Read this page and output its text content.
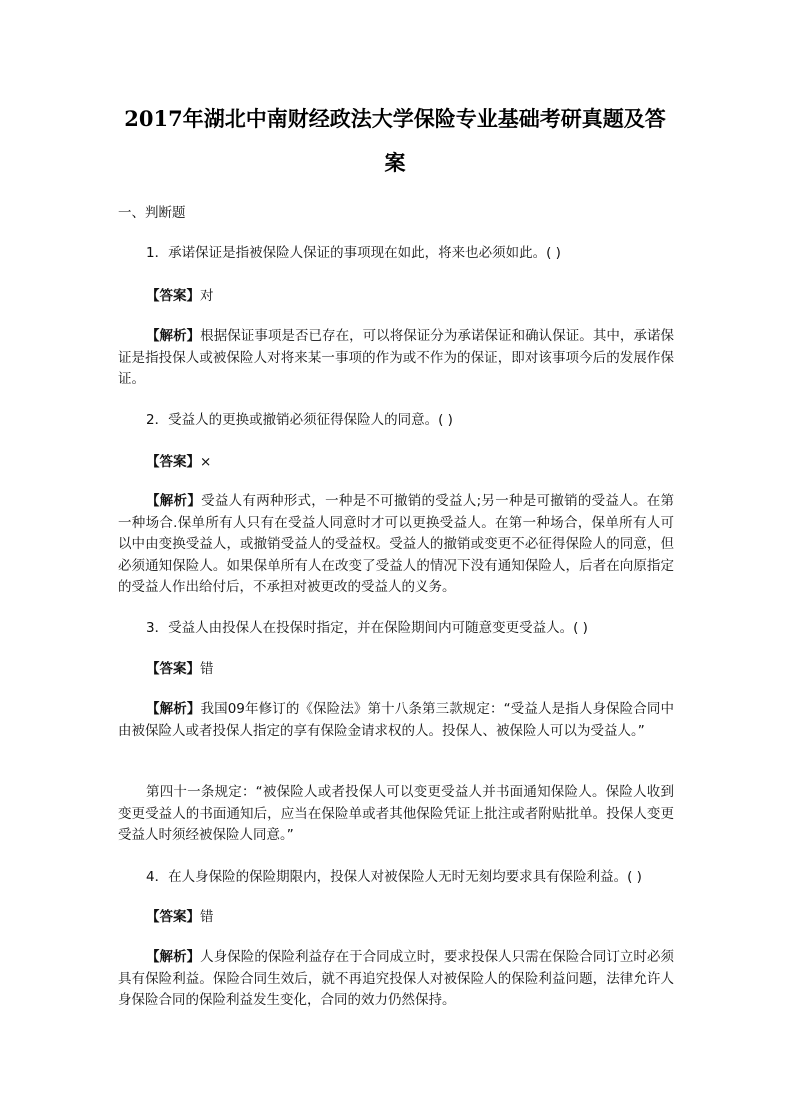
2017年湖北中南财经政法大学保险专业基础考研真题及答
案
一、判断题
1．承诺保证是指被保险人保证的事项现在如此，将来也必须如此。( )
【答案】对
【解析】根据保证事项是否已存在，可以将保证分为承诺保证和确认保证。其中，承诺保证是指投保人或被保险人对将来某一事项的作为或不作为的保证，即对该事项今后的发展作保证。
2．受益人的更换或撤销必须征得保险人的同意。( )
【答案】×
【解析】受益人有两种形式，一种是不可撤销的受益人;另一种是可撤销的受益人。在第一种场合.保单所有人只有在受益人同意时才可以更换受益人。在第一种场合，保单所有人可以中由变换受益人，或撤销受益人的受益权。受益人的撤销或变更不必征得保险人的同意，但必须通知保险人。如果保单所有人在改变了受益人的情况下没有通知保险人，后者在向原指定的受益人作出给付后，不承担对被更改的受益人的义务。
3．受益人由投保人在投保时指定，并在保险期间内可随意变更受益人。( )
【答案】错
【解析】我国09年修订的《保险法》第十八条第三款规定：“受益人是指人身保险合同中由被保险人或者投保人指定的享有保险金请求权的人。投保人、被保险人可以为受益人。”
第四十一条规定：“被保险人或者投保人可以变更受益人并书面通知保险人。保险人收到变更受益人的书面通知后，应当在保险单或者其他保险凭证上批注或者附贴批单。投保人变更受益人时须经被保险人同意。”
4．在人身保险的保险期限内，投保人对被保险人无时无刻均要求具有保险利益。( )
【答案】错
【解析】人身保险的保险利益存在于合同成立时，要求投保人只需在保险合同订立时必须具有保险利益。保险合同生效后，就不再追究投保人对被保险人的保险利益问题，法律允许人身保险合同的保险利益发生变化，合同的效力仍然保持。
